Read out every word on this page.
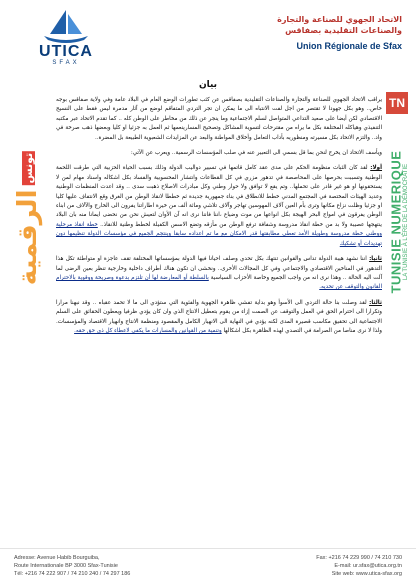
UTICA
SFAX
الاتحاد الجهوي للصناعة والتجارة
والصناعات التقليدية بصفاقس
Union Régionale de Sfax
الرقميةتونس
TN
TUNISIE NUMERIQUE LA TUNISIE À L'ÈRE DE LA DÉMOCRATIE
بيان

يراقب الاتحاد الجهوي للصناعة والتجارة والصناعات التقليدية بصفاقس عن كثب تطورات الوضع العام في البلاد عامة وفي ولاية صفاقس بوجه خاص.. وهو بكل جهودا لا تقتصر من اجل لفت الانتباه الى ما يمكن ان تجر التردي المتفاقم لوضع من آثار مدمرة ليس فقط على النسيج الاقتصادي لكن أيضا على صعيد التداعي المتواصل لسلم الاجتماعية وما ينجر عن ذلك من مخاطر على الوطن كله .. كما تقدم الاتحاد عبر مكتبه التنفيذي وهياكله المختلفة بكل ما يراه من مقترحات لتسوية المشاكل وتصحيح المسارينعمها ثم العمل به جزئيا او كليا وبعضها ذهب صرخة في واد.. والتزم الاتحاد بكل مسيرته ومنظوريه بأداب التعامل وأخلاق المواطنة والبعد عن المزايدات الشعبوية الطبيعة بل المضرة..

ويأسف الاتحاد ان يخرج لنحن بما قل بسمي الى التعبير عنه في صلب المؤسسات الرسمية.. ويعرب عن الآتي:

أولا: لقد كان الثبات منظومة الحكم على مدى عقد كامل قاتمها في تسيير دواليب الدولة وذلك بسبب الحياة الحزبية التي طرقت اللحمة الوطنية وتسببت بحرصها على المحاصصة في تدهور مزري في كل القطاعات وانتشار المحسوبية والفساد بكل اشكاله واسناد مهام لمن لا يستحقونها او هو غير قادر على تحملها.. وتم يقع لا توافق ولا حوار وطني وكل مبادرات الاصلاح ذهبت سدى .. وقد اعدت المنظمات الوطنية وعديد الهيئات المختصة في المجتمع المدني خطط للانطلاق في بناء جمهورية جديدة ثم خططا لانقاذ الوطن من الغرق وقع الانتفاف عليها كليا او جزئيا وظلت نزاع مكانها وترى بأم العين آلاف المهوسين تهاجر وآلاف تلاشي ومائة ألف من خيرة اطاراتنا يفرون الى الخارج والآلاف من ابناء الوطن يفرقون في امواج البحر الهيجة بكل انواعها من موت وضياع ،اننا فاننا نرى انه آن الأوان لتعيش نحن من نحضى ايمانا منه بان البلاد ينتهجها عصيبة ولا بد من خطة انقاذ مدروسة وشفافة ترفع الوطن من مأزقه وتضع الاسس الكفيلة لخطط وطنية للانقاذ.. خطة انقاذ مرحلية ووطني خطة مدروسة وطويلة الأمد تعطي مطابقتها قدر الامكان مع ما تم اعداده سابقا وينتجم الجميع في مؤسسات الدولة تنظيمها دون تهديدات أو تشكيك

ثانيا: اننا نشهد هيبة الدولة تداس والقوانين تنتهك بكل تحدي وصلف احيانا فيها الدولة بمؤسساتها المختلفة تقف عاجزة او متواطئة تكل هذا التدهور في المناخين الاقتصادي والاجتماعي وفي كل المجالات الأخرى.. ونخشى ان تكون هناك أطراف داخلية وخارجية تنظر بعين الرضى لما آلت اليه الحالة .. وهذا نرى انه من واجب الجميع وخاصة الأحزاب السياسية بالسلطة أو المعارضة لها أن تلتزم بدعوة وصريحة ووقوية بالاحترام القانون والتوقف عن تحديه.

ثالثا: لقد وصلت بنا حالة التردي الى الأسوأ وهو بداية تفشي ظاهرة الجهوية والفئوية التي ستؤدي الى ما لا تحمد عقباه .. وقد نبهنا مرارا وتكرارا الى احترام الحق في العمل والتوقف عن الصمت إزاء من يقوم بتعطيل الانتاج الذي وان كان يؤدي ظرفيا ويعطون الحقائق على السلم الاجتماعية الى تحقيق مكاسب قصيرة المدى لكنه يؤدي في النهاية الى الانهيار الكامل والمقصود ومنظمة الانتاج وانهيار الاقتصاد والمؤسسات. ولذا لا نرى مناصا من الصرامة في التصدي لهذه الظاهرة بكل اشكالها وتنمية من القوانين والمسارات ما يكفي لاعطاء كل ذي حق حقه.

Adresse: Avenue Habib Bourguiba,
Route Internationale BP 3000 Sfax-Tunisie
Tél: +216 74 222 907 / 74 210 240 / 74 297 186
Fax: +216 74 229 990 / 74 210 730
E-mail: ur.sfax@utica.org.tn
Site web: www.utica-sfax.org
